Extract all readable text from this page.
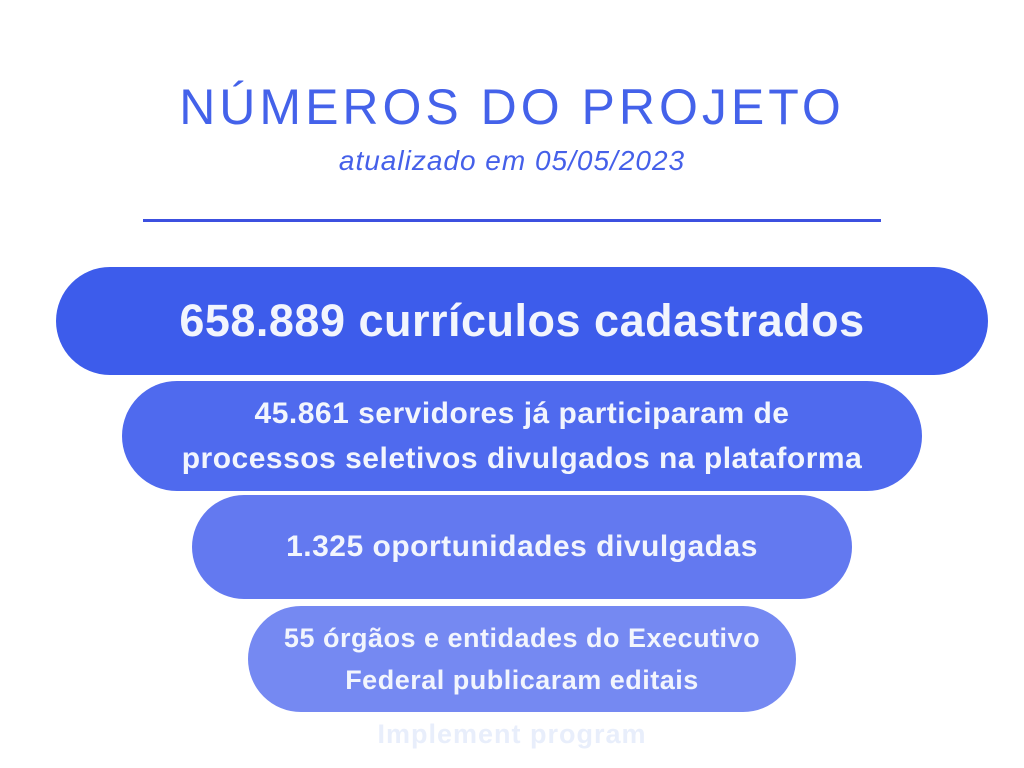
NÚMEROS DO PROJETO

atualizado em 05/05/2023

658.889 currículos cadastrados
45.861 servidores já participaram de
processos seletivos divulgados na plataforma
1.325 oportunidades divulgadas
55 órgãos e entidades do Executivo
Federal publicaram editais
Implement program
